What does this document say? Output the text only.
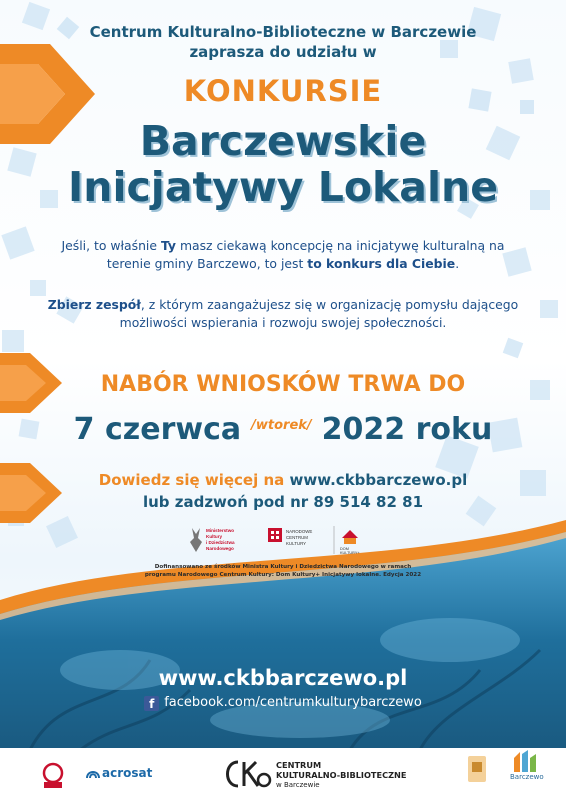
Centrum Kulturalno-Biblioteczne w Barczewie
zaprasza do udziału w

KONKURSIE

Barczewskie
Inicjatywy Lokalne

Jeśli, to właśnie Ty masz ciekawą koncepcję na inicjatywę kulturalną na terenie gminy Barczewo, to jest to konkurs dla Ciebie.

Zbierz zespół, z którym zaangażujesz się w organizację pomysłu dającego możliwości wspierania i rozwoju swojej społeczności.

NABÓR WNIOSKÓW TRWA DO

7 czerwca $^{/wtorek/}$ 2022 roku

Dowiedz się więcej na www.ckbbarczewo.pl

lub zadzwoń pod nr 89 514 82 81

Ministerstwo
Kultury
i Dziedzictwa
Narodowego
NARODOWE
CENTRUM
KULTURY
DOM
KULTURY+

Dofinansowano ze środków Ministra Kultury i Dziedzictwa Narodowego w ramach
programu Narodowego Centrum Kultury: Dom Kultury+ Inicjatywy lokalne. Edycja 2022

www.ckbbarczewo.pl

f facebook.com/centrumkulturybarczewo

acrosat
CENTRUM
KULTURALNO-BIBLIOTECZNE
w Barczewie
Barczewo
